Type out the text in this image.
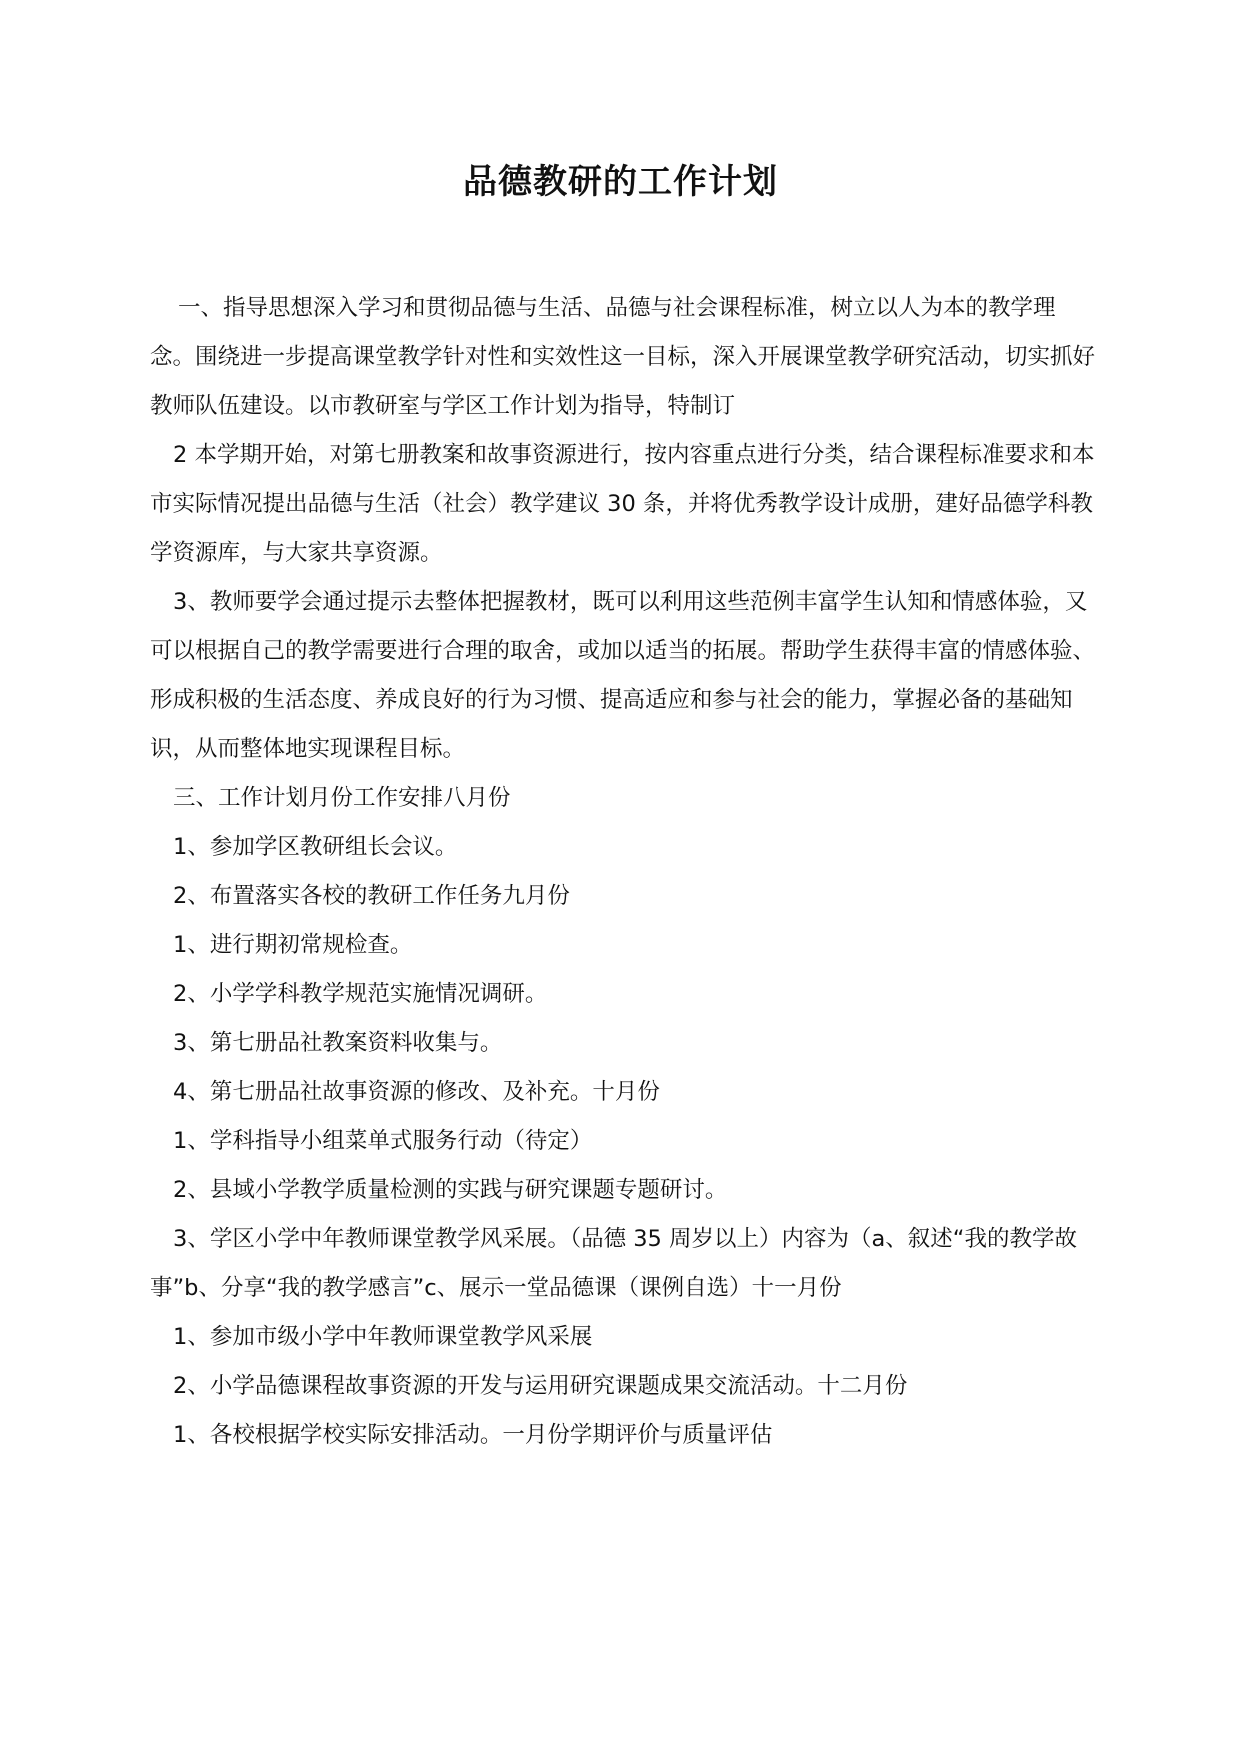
品德教研的工作计划

一、指导思想深入学习和贯彻品德与生活、品德与社会课程标准，树立以人为本的教学理念。围绕进一步提高课堂教学针对性和实效性这一目标，深入开展课堂教学研究活动，切实抓好教师队伍建设。以市教研室与学区工作计划为指导，特制订

2 本学期开始，对第七册教案和故事资源进行，按内容重点进行分类，结合课程标准要求和本市实际情况提出品德与生活（社会）教学建议 30 条，并将优秀教学设计成册，建好品德学科教学资源库，与大家共享资源。

3、教师要学会通过提示去整体把握教材，既可以利用这些范例丰富学生认知和情感体验，又可以根据自己的教学需要进行合理的取舍，或加以适当的拓展。帮助学生获得丰富的情感体验、形成积极的生活态度、养成良好的行为习惯、提高适应和参与社会的能力，掌握必备的基础知识，从而整体地实现课程目标。

三、工作计划月份工作安排八月份

1、参加学区教研组长会议。

2、布置落实各校的教研工作任务九月份

1、进行期初常规检查。

2、小学学科教学规范实施情况调研。

3、第七册品社教案资料收集与。

4、第七册品社故事资源的修改、及补充。十月份

1、学科指导小组菜单式服务行动（待定）

2、县域小学教学质量检测的实践与研究课题专题研讨。

3、学区小学中年教师课堂教学风采展。（品德 35 周岁以上）内容为（a、叙述“我的教学故事”b、分享“我的教学感言”c、展示一堂品德课（课例自选）十一月份

1、参加市级小学中年教师课堂教学风采展

2、小学品德课程故事资源的开发与运用研究课题成果交流活动。十二月份

1、各校根据学校实际安排活动。一月份学期评价与质量评估
